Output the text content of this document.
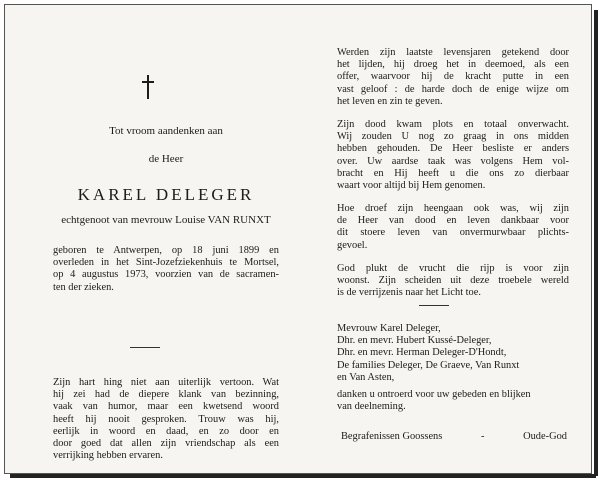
Tot vroom aandenken aan
de Heer
KAREL DELEGER
echtgenoot van mevrouw Louise VAN RUNXT
geboren te Antwerpen, op 18 juni 1899 en
overleden in het Sint-Jozefziekenhuis te Mortsel,
op 4 augustus 1973, voorzien van de sacramen-
ten der zieken.
Zijn hart hing niet aan uiterlijk vertoon. Wat
hij zei had de diepere klank van bezinning,
vaak van humor, maar een kwetsend woord
heeft hij nooit gesproken. Trouw was hij,
eerlijk in woord en daad, en zo door en
door goed dat allen zijn vriendschap als een
verrijking hebben ervaren.
Werden zijn laatste levensjaren getekend door
het lijden, hij droeg het in deemoed, als een
offer, waarvoor hij de kracht putte in een
vast geloof : de harde doch de enige wijze om
het leven en zin te geven.
Zijn dood kwam plots en totaal onverwacht.
Wij zouden U nog zo graag in ons midden
hebben gehouden. De Heer besliste er anders
over. Uw aardse taak was volgens Hem vol-
bracht en Hij heeft u die ons zo dierbaar
waart voor altijd bij Hem genomen.
Hoe droef zijn heengaan ook was, wij zijn
de Heer van dood en leven dankbaar voor
dit stoere leven van onvermurwbaar plichts-
gevoel.
God plukt de vrucht die rijp is voor zijn
woonst. Zijn scheiden uit deze troebele wereld
is de verrijzenis naar het Licht toe.
Mevrouw Karel Deleger,
Dhr. en mevr. Hubert Kussé-Deleger,
Dhr. en mevr. Herman Deleger-D'Hondt,
De families Deleger, De Graeve, Van Runxt
en Van Asten,
danken u ontroerd voor uw gebeden en blijken
van deelneming.
Begrafenissen Goossens	-	Oude-God
